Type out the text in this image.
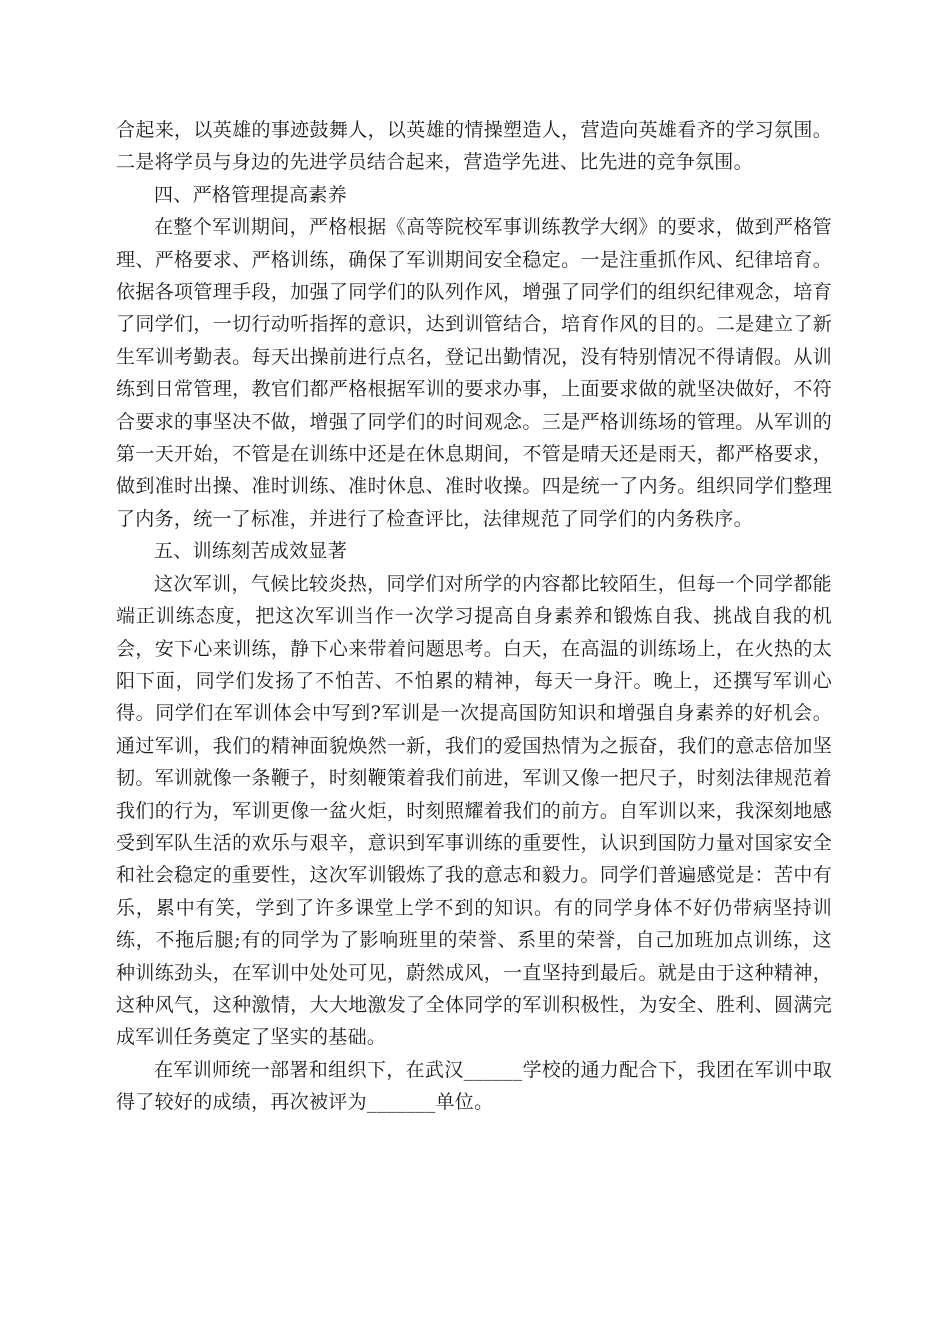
合起来，以英雄的事迹鼓舞人，以英雄的情操塑造人，营造向英雄看齐的学习氛围。二是将学员与身边的先进学员结合起来，营造学先进、比先进的竞争氛围。

四、严格管理提高素养

在整个军训期间，严格根据《高等院校军事训练教学大纲》的要求，做到严格管理、严格要求、严格训练，确保了军训期间安全稳定。一是注重抓作风、纪律培育。依据各项管理手段，加强了同学们的队列作风，增强了同学们的组织纪律观念，培育了同学们，一切行动听指挥的意识，达到训管结合，培育作风的目的。二是建立了新生军训考勤表。每天出操前进行点名，登记出勤情况，没有特别情况不得请假。从训练到日常管理，教官们都严格根据军训的要求办事，上面要求做的就坚决做好，不符合要求的事坚决不做，增强了同学们的时间观念。三是严格训练场的管理。从军训的第一天开始，不管是在训练中还是在休息期间，不管是晴天还是雨天，都严格要求，做到准时出操、准时训练、准时休息、准时收操。四是统一了内务。组织同学们整理了内务，统一了标准，并进行了检查评比，法律规范了同学们的内务秩序。

五、训练刻苦成效显著

这次军训，气候比较炎热，同学们对所学的内容都比较陌生，但每一个同学都能端正训练态度，把这次军训当作一次学习提高自身素养和锻炼自我、挑战自我的机会，安下心来训练，静下心来带着问题思考。白天，在高温的训练场上，在火热的太阳下面，同学们发扬了不怕苦、不怕累的精神，每天一身汗。晚上，还撰写军训心得。同学们在军训体会中写到?军训是一次提高国防知识和增强自身素养的好机会。通过军训，我们的精神面貌焕然一新，我们的爱国热情为之振奋，我们的意志倍加坚韧。军训就像一条鞭子，时刻鞭策着我们前进，军训又像一把尺子，时刻法律规范着我们的行为，军训更像一盆火炬，时刻照耀着我们的前方。自军训以来，我深刻地感受到军队生活的欢乐与艰辛，意识到军事训练的重要性，认识到国防力量对国家安全和社会稳定的重要性，这次军训锻炼了我的意志和毅力。同学们普遍感觉是：苦中有乐，累中有笑，学到了许多课堂上学不到的知识。有的同学身体不好仍带病坚持训练，不拖后腿;有的同学为了影响班里的荣誉、系里的荣誉，自己加班加点训练，这种训练劲头，在军训中处处可见，蔚然成风，一直坚持到最后。就是由于这种精神，这种风气，这种激情，大大地激发了全体同学的军训积极性，为安全、胜利、圆满完成军训任务奠定了坚实的基础。

在军训师统一部署和组织下，在武汉______学校的通力配合下，我团在军训中取得了较好的成绩，再次被评为_______单位。
